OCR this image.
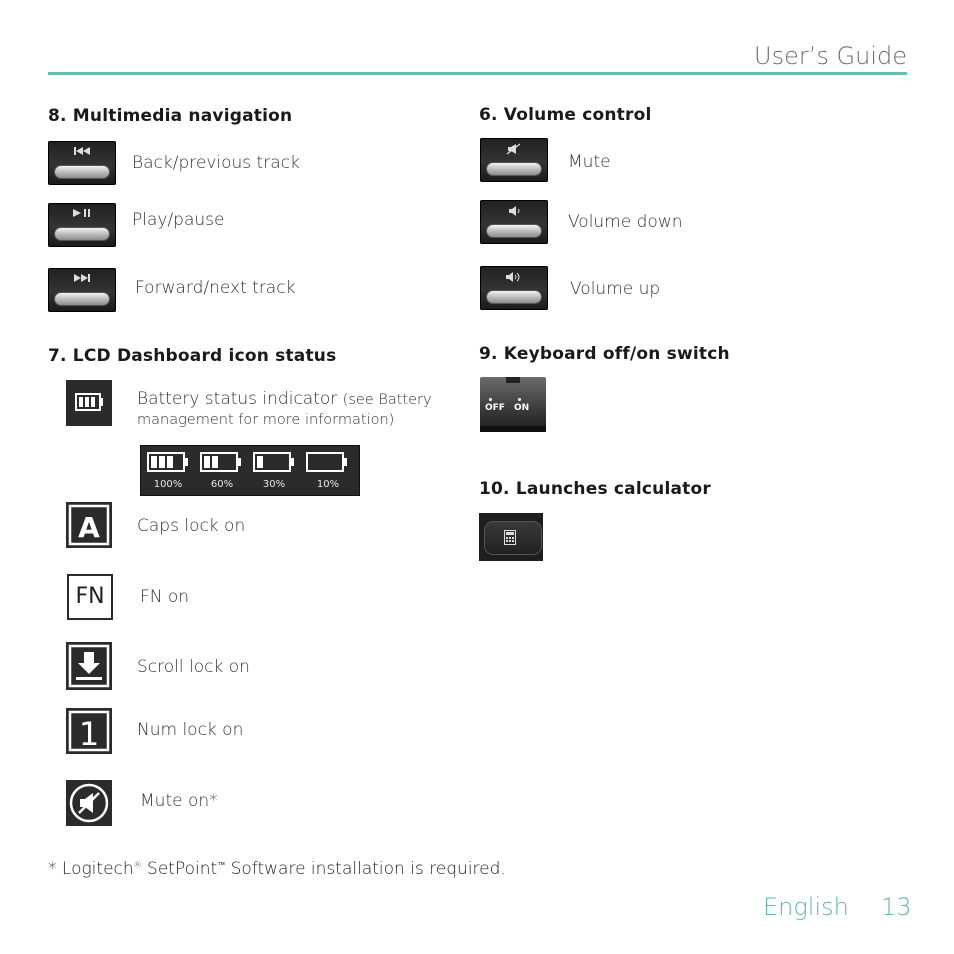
User’s Guide
8. Multimedia navigation
Back/previous track
Play/pause
Forward/next track
6. Volume control
Mute
Volume down
Volume up
7. LCD Dashboard icon status
Battery status indicator (see Battery
management for more information)
100%	60%	30%	10%
A Caps lock on
FN	FN on
Scroll lock on
1 Num lock on
Mute on*
9. Keyboard off/on switch
OFF ON
10. Launches calculator
* Logitech® SetPoint™ Software installation is required.
English 13
